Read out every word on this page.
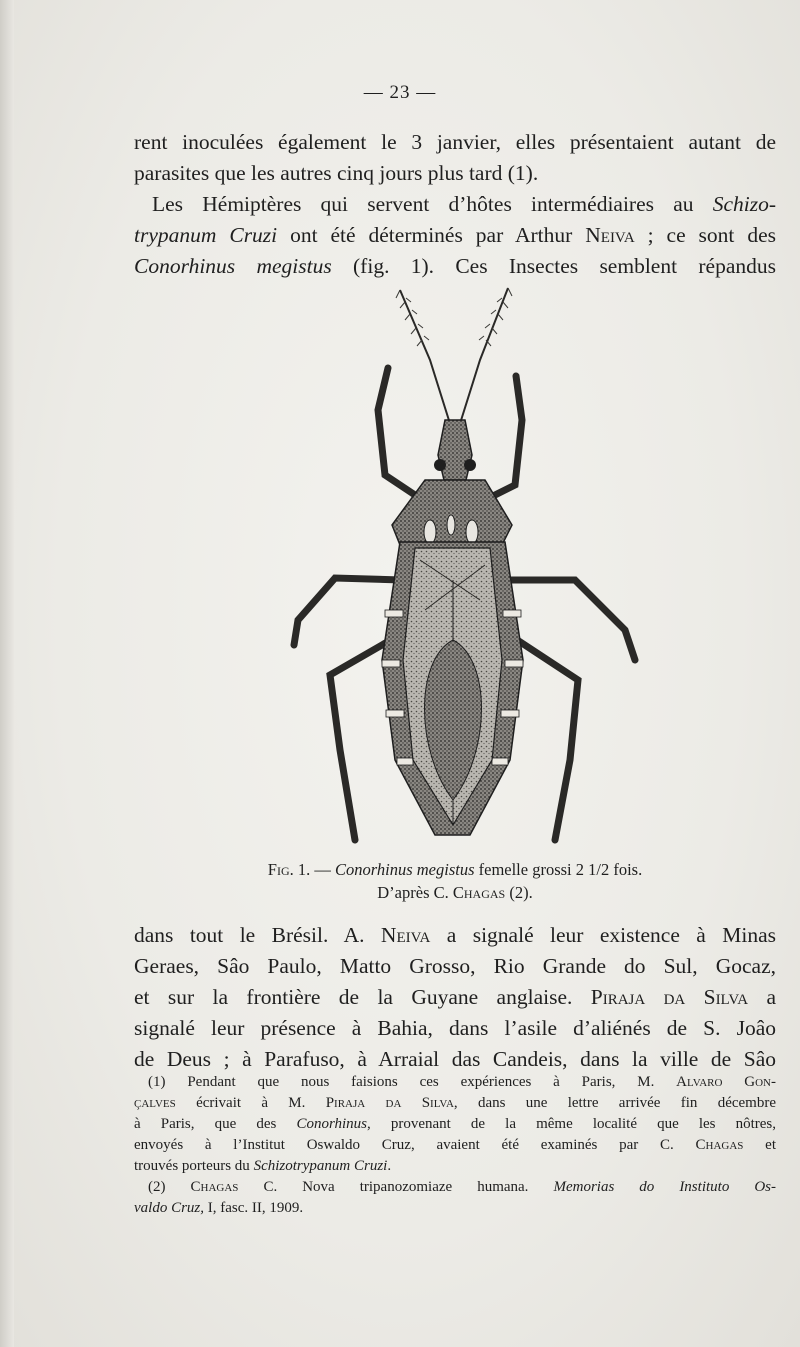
— 23 —

rent inoculées également le 3 janvier, elles présentaient autant de
parasites que les autres cinq jours plus tard (1).

Les Hémiptères qui servent d’hôtes intermédiaires au Schizo-
trypanum Cruzi ont été déterminés par Arthur Neiva ; ce sont des
Conorhinus megistus (fig. 1). Ces Insectes semblent répandus

Fig. 1. — Conorhinus megistus femelle grossi 2 1/2 fois.
D’après C. Chagas (2).

dans tout le Brésil. A. Neiva a signalé leur existence à Minas
Geraes, Sâo Paulo, Matto Grosso, Rio Grande do Sul, Gocaz,
et sur la frontière de la Guyane anglaise. Piraja da Silva a
signalé leur présence à Bahia, dans l’asile d’aliénés de S. Joâo
de Deus ; à Parafuso, à Arraial das Candeis, dans la ville de Sâo

(1) Pendant que nous faisions ces expériences à Paris, M. Alvaro Gon-
çalves écrivait à M. Piraja da Silva, dans une lettre arrivée fin décembre
à Paris, que des Conorhinus, provenant de la même localité que les nôtres,
envoyés à l’Institut Oswaldo Cruz, avaient été examinés par C. Chagas et
trouvés porteurs du Schizotrypanum Cruzi.
(2) Chagas C. Nova tripanozomiaze humana. Memorias do Instituto Os-
valdo Cruz, I, fasc. II, 1909.
